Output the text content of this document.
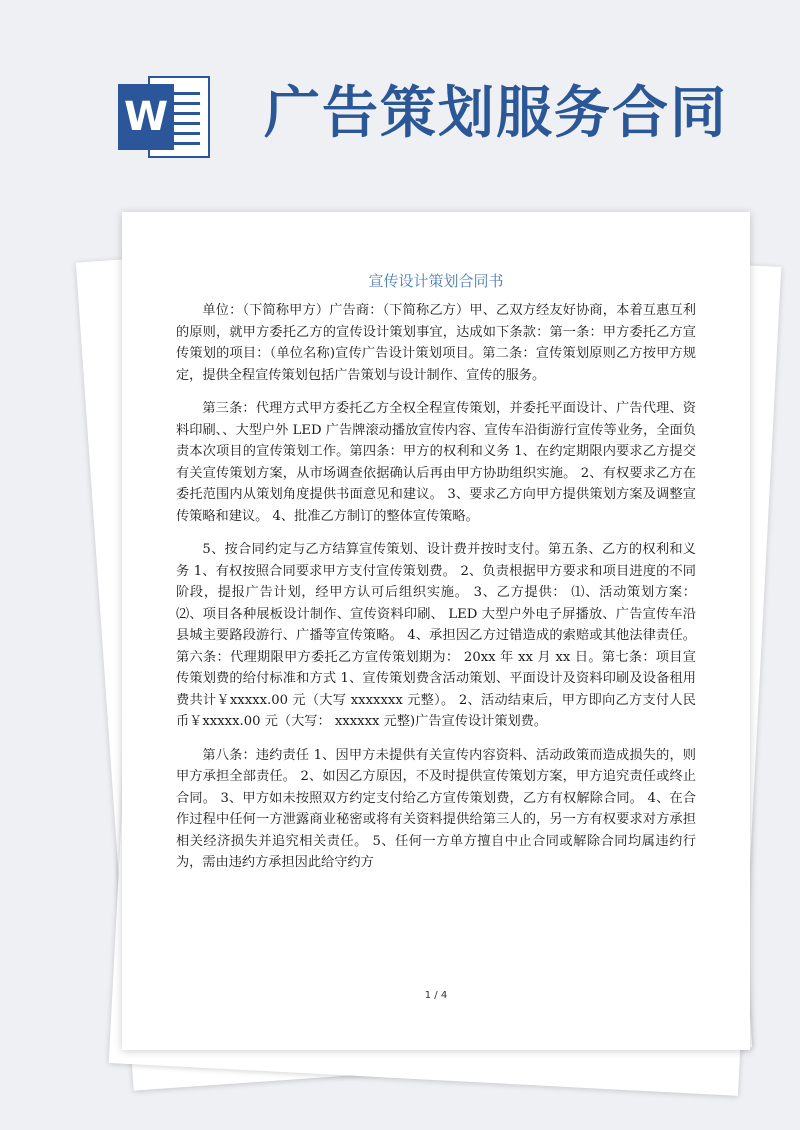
W 广告策划服务合同
宣传设计策划合同书

单位：（下简称甲方）广告商：（下简称乙方）甲、乙双方经友好协商，本着互惠互利的原则，就甲方委托乙方的宣传设计策划事宜，达成如下条款：第一条：甲方委托乙方宣传策划的项目：（单位名称)宣传广告设计策划项目。第二条：宣传策划原则乙方按甲方规定，提供全程宣传策划包括广告策划与设计制作、宣传的服务。

第三条：代理方式甲方委托乙方全权全程宣传策划，并委托平面设计、广告代理、资料印刷、、大型户外 LED 广告牌滚动播放宣传内容、宣传车沿街游行宣传等业务，全面负责本次项目的宣传策划工作。第四条：甲方的权利和义务 1、在约定期限内要求乙方提交有关宣传策划方案，从市场调查依据确认后再由甲方协助组织实施。 2、有权要求乙方在委托范围内从策划角度提供书面意见和建议。 3、要求乙方向甲方提供策划方案及调整宣传策略和建议。 4、批准乙方制订的整体宣传策略。

5、按合同约定与乙方结算宣传策划、设计费并按时支付。第五条、乙方的权利和义务 1、有权按照合同要求甲方支付宣传策划费。 2、负责根据甲方要求和项目进度的不同阶段，提报广告计划，经甲方认可后组织实施。 3、乙方提供： ⑴、活动策划方案： ⑵、项目各种展板设计制作、宣传资料印刷、 LED 大型户外电子屏播放、广告宣传车沿县城主要路段游行、广播等宣传策略。 4、承担因乙方过错造成的索赔或其他法律责任。第六条：代理期限甲方委托乙方宣传策划期为： 20xx 年 xx 月 xx 日。第七条：项目宣传策划费的给付标准和方式 1、宣传策划费含活动策划、平面设计及资料印刷及设备租用费共计￥xxxxx.00 元（大写 xxxxxxx 元整）。 2、活动结束后，甲方即向乙方支付人民币￥xxxxx.00 元（大写： xxxxxx 元整)广告宣传设计策划费。

第八条：违约责任 1、因甲方未提供有关宣传内容资料、活动政策而造成损失的，则甲方承担全部责任。 2、如因乙方原因，不及时提供宣传策划方案，甲方追究责任或终止合同。 3、甲方如未按照双方约定支付给乙方宣传策划费，乙方有权解除合同。 4、在合作过程中任何一方泄露商业秘密或将有关资料提供给第三人的，另一方有权要求对方承担相关经济损失并追究相关责任。 5、任何一方单方擅自中止合同或解除合同均属违约行为，需由违约方承担因此给守约方

1 / 4
